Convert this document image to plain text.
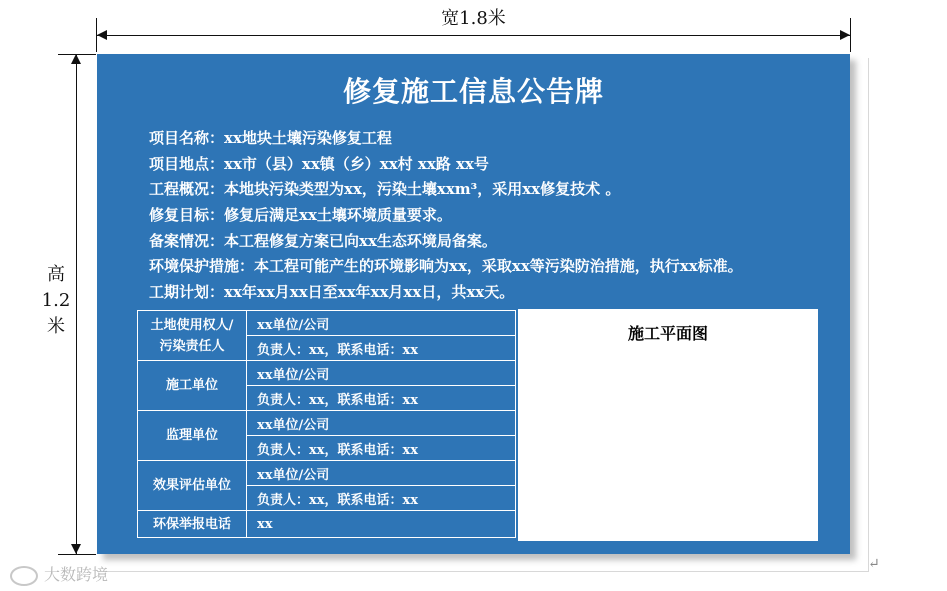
宽1.8米
高
1.2
米
修复施工信息公告牌
项目名称：xx地块土壤污染修复工程
项目地点：xx市（县）xx镇（乡）xx村 xx路 xx号
工程概况：本地块污染类型为xx，污染土壤xxm³，采用xx修复技术 。
修复目标：修复后满足xx土壤环境质量要求。
备案情况：本工程修复方案已向xx生态环境局备案。
环境保护措施：本工程可能产生的环境影响为xx，采取xx等污染防治措施，执行xx标准。
工期计划：xx年xx月xx日至xx年xx月xx日，共xx天。
土地使用权人/
污染责任人	xx单位/公司
	负责人：xx，联系电话：xx
施工单位	xx单位/公司
	负责人：xx，联系电话：xx
监理单位	xx单位/公司
	负责人：xx，联系电话：xx
效果评估单位	xx单位/公司
	负责人：xx，联系电话：xx
环保举报电话	xx
施工平面图
大数跨境
↵
